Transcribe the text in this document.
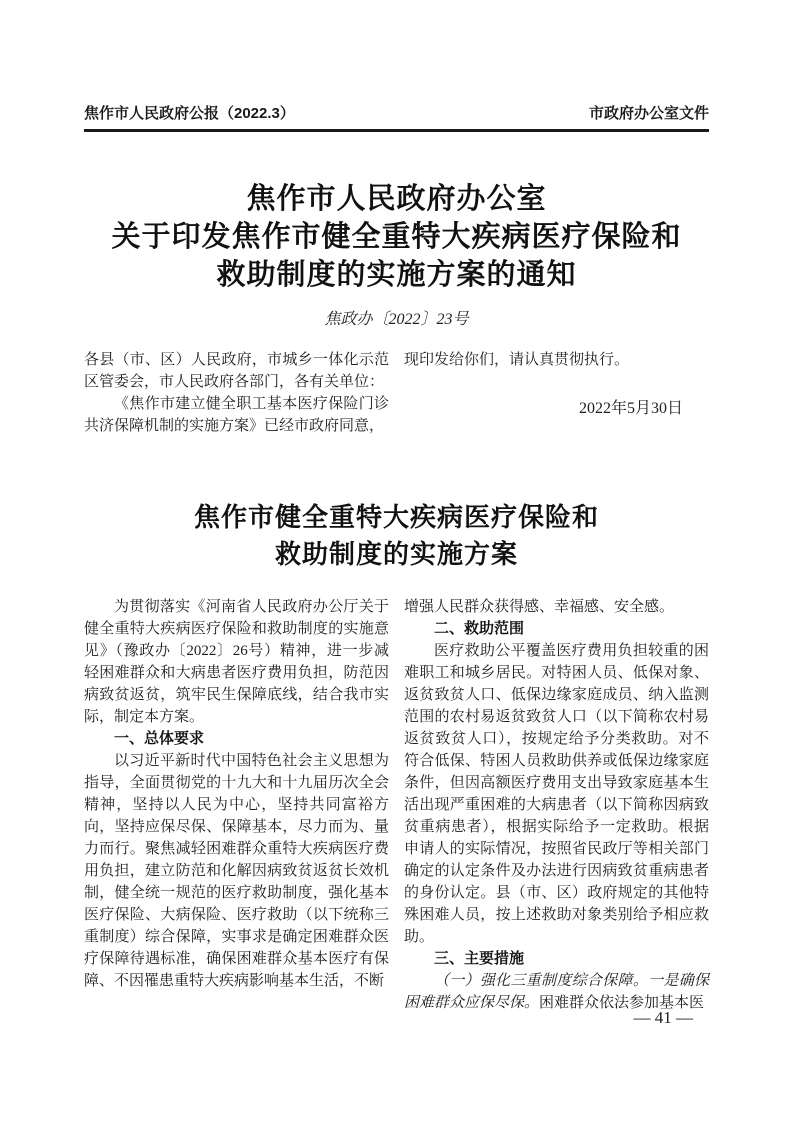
焦作市人民政府公报（2022.3）	市政府办公室文件
焦作市人民政府办公室
关于印发焦作市健全重特大疾病医疗保险和
救助制度的实施方案的通知
焦政办〔2022〕23号

各县（市、区）人民政府，市城乡一体化示范区管委会，市人民政府各部门，各有关单位：

《焦作市建立健全职工基本医疗保险门诊共济保障机制的实施方案》已经市政府同意，

现印发给你们，请认真贯彻执行。

2022年5月30日
焦作市健全重特大疾病医疗保险和
救助制度的实施方案

为贯彻落实《河南省人民政府办公厅关于健全重特大疾病医疗保险和救助制度的实施意见》（豫政办〔2022〕26号）精神，进一步减轻困难群众和大病患者医疗费用负担，防范因病致贫返贫，筑牢民生保障底线，结合我市实际，制定本方案。

一、总体要求

以习近平新时代中国特色社会主义思想为指导，全面贯彻党的十九大和十九届历次全会精神，坚持以人民为中心，坚持共同富裕方向，坚持应保尽保、保障基本，尽力而为、量力而行。聚焦减轻困难群众重特大疾病医疗费用负担，建立防范和化解因病致贫返贫长效机制，健全统一规范的医疗救助制度，强化基本医疗保险、大病保险、医疗救助（以下统称三重制度）综合保障，实事求是确定困难群众医疗保障待遇标准，确保困难群众基本医疗有保障、不因罹患重特大疾病影响基本生活，不断

增强人民群众获得感、幸福感、安全感。

二、救助范围

医疗救助公平覆盖医疗费用负担较重的困难职工和城乡居民。对特困人员、低保对象、返贫致贫人口、低保边缘家庭成员、纳入监测范围的农村易返贫致贫人口（以下简称农村易返贫致贫人口），按规定给予分类救助。对不符合低保、特困人员救助供养或低保边缘家庭条件，但因高额医疗费用支出导致家庭基本生活出现严重困难的大病患者（以下简称因病致贫重病患者），根据实际给予一定救助。根据申请人的实际情况，按照省民政厅等相关部门确定的认定条件及办法进行因病致贫重病患者的身份认定。县（市、区）政府规定的其他特殊困难人员，按上述救助对象类别给予相应救助。

三、主要措施

（一）强化三重制度综合保障。一是确保困难群众应保尽保。困难群众依法参加基本医

— 41 —
